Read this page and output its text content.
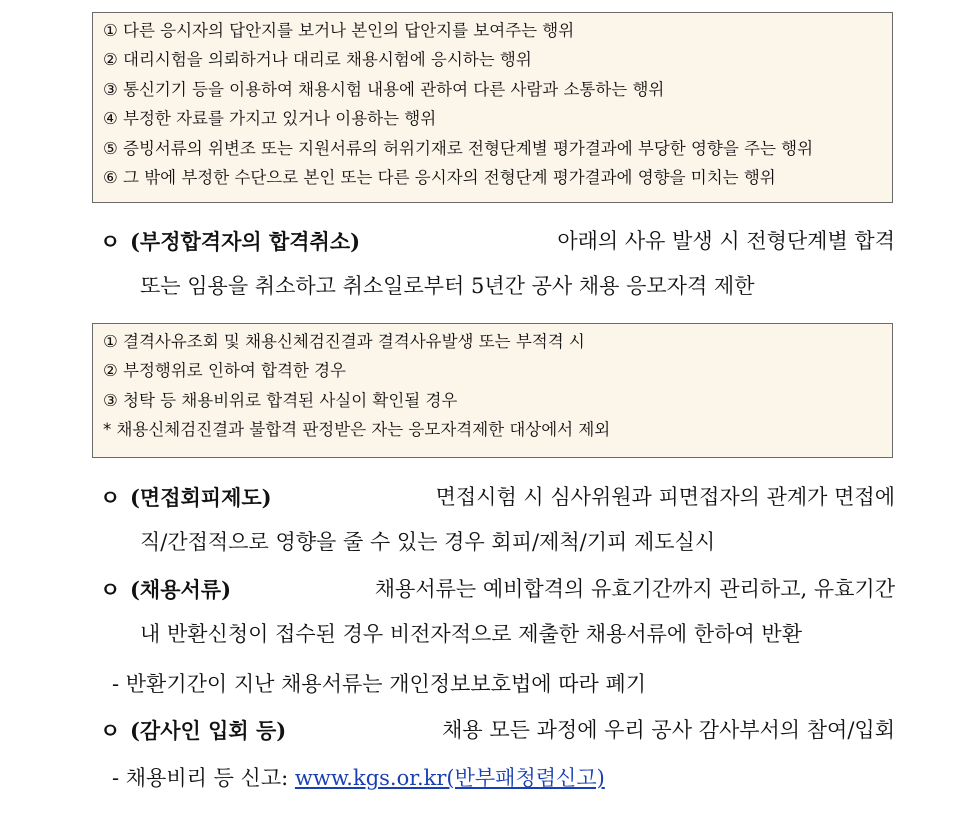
① 다른 응시자의 답안지를 보거나 본인의 답안지를 보여주는 행위
② 대리시험을 의뢰하거나 대리로 채용시험에 응시하는 행위
③ 통신기기 등을 이용하여 채용시험 내용에 관하여 다른 사람과 소통하는 행위
④ 부정한 자료를 가지고 있거나 이용하는 행위
⑤ 증빙서류의 위변조 또는 지원서류의 허위기재로 전형단계별 평가결과에 부당한 영향을 주는 행위
⑥ 그 밖에 부정한 수단으로 본인 또는 다른 응시자의 전형단계 평가결과에 영향을 미치는 행위
ㅇ (부정합격자의 합격취소)	아래의 사유 발생 시 전형단계별 합격
또는 임용을 취소하고 취소일로부터 5년간 공사 채용 응모자격 제한
① 결격사유조회 및 채용신체검진결과 결격사유발생 또는 부적격 시
② 부정행위로 인하여 합격한 경우
③ 청탁 등 채용비위로 합격된 사실이 확인될 경우
* 채용신체검진결과 불합격 판정받은 자는 응모자격제한 대상에서 제외
ㅇ (면접회피제도)	면접시험 시 심사위원과 피면접자의 관계가 면접에
직/간접적으로 영향을 줄 수 있는 경우 회피/제척/기피 제도실시
ㅇ (채용서류)	채용서류는 예비합격의 유효기간까지 관리하고, 유효기간
내 반환신청이 접수된 경우 비전자적으로 제출한 채용서류에 한하여 반환
- 반환기간이 지난 채용서류는 개인정보보호법에 따라 폐기
ㅇ (감사인 입회 등)	채용 모든 과정에 우리 공사 감사부서의 참여/입회
- 채용비리 등 신고: www.kgs.or.kr(반부패청렴신고)
